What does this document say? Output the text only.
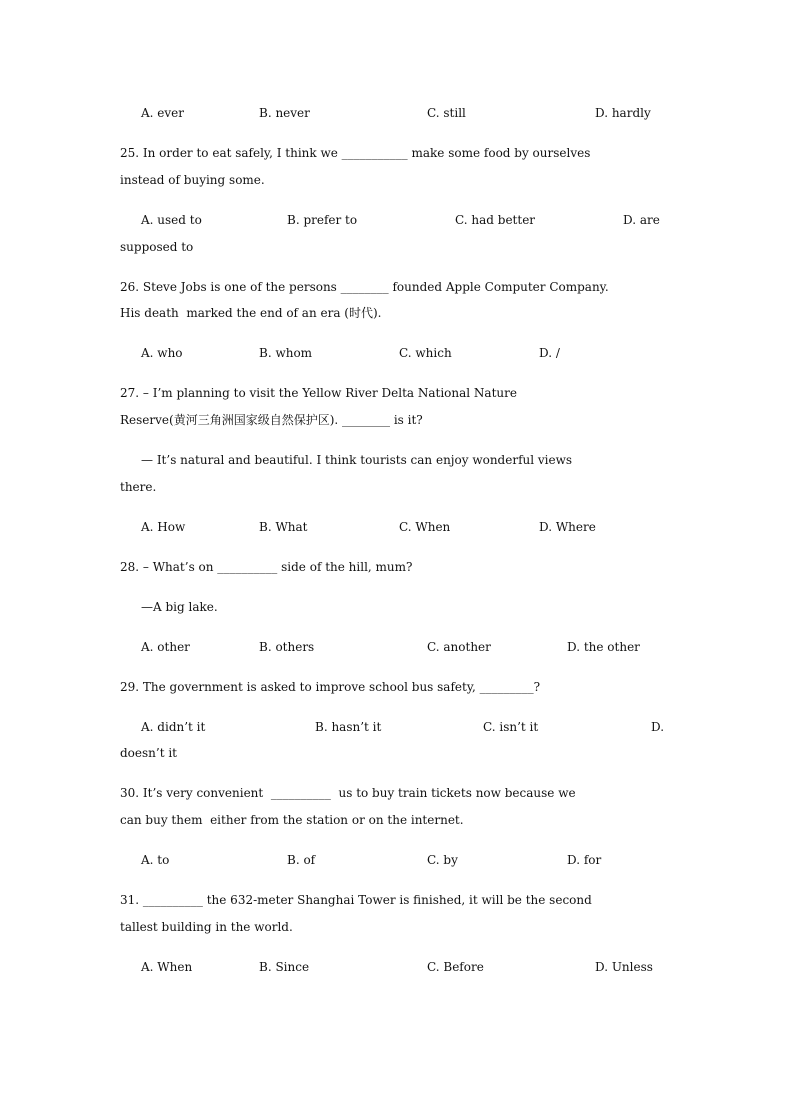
A. ever	B. never	C. still	D. hardly
25. In order to eat safely, I think we ___________ make some food by ourselves
instead of buying some.
A. used to	B. prefer to	C. had better	D. are
supposed to
26. Steve Jobs is one of the persons ________ founded Apple Computer Company.
His death  marked the end of an era (时代).
A. who	B. whom	C. which	D. /
27. – I’m planning to visit the Yellow River Delta National Nature
Reserve(黄河三角洲国家级自然保护区). ________ is it?
— It’s natural and beautiful. I think tourists can enjoy wonderful views
there.
A. How	B. What	C. When	D. Where
28. – What’s on __________ side of the hill, mum?
—A big lake.
A. other	B. others	C. another	D. the other
29. The government is asked to improve school bus safety, _________?
A. didn’t it	B. hasn’t it	C. isn’t it	D.
doesn’t it
30. It’s very convenient  __________  us to buy train tickets now because we
can buy them  either from the station or on the internet.
A. to	B. of	C. by	D. for
31. __________ the 632-meter Shanghai Tower is finished, it will be the second
tallest building in the world.
A. When	B. Since	C. Before	D. Unless
